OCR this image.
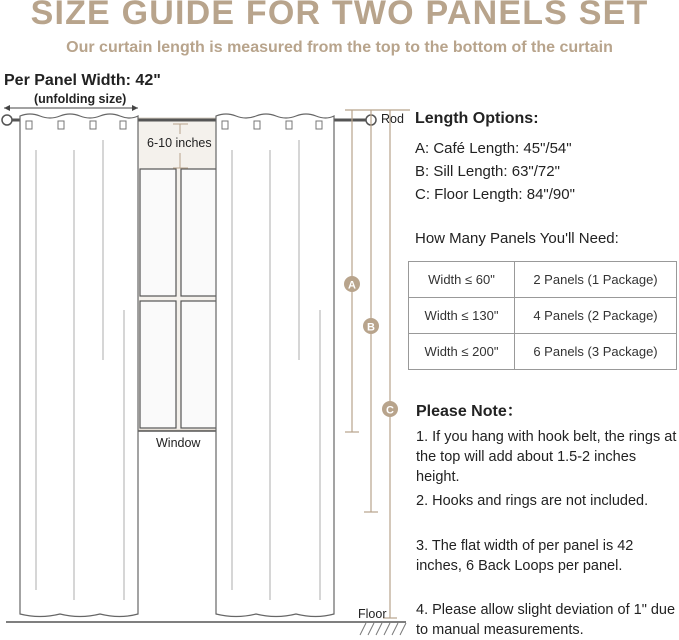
SIZE GUIDE FOR TWO PANELS SET
Our curtain length is measured from the top to the bottom of the curtain
Per Panel Width: 42"
(unfolding size)
A
B
C
6-10 inches
Window
Rod
Floor
Length Options:
A: Café Length: 45"/54"
B: Sill Length: 63"/72"
C: Floor Length: 84"/90"
How Many Panels You'll Need:
Width ≤ 60"	2 Panels (1 Package)
Width ≤ 130"	4 Panels (2 Package)
Width ≤ 200"	6 Panels (3 Package)
Please Note：
1. If you hang with hook belt, the rings at the top will add about 1.5-2 inches height.
2. Hooks and rings are not included.
3. The flat width of per panel is 42 inches, 6 Back Loops per panel.
4. Please allow slight deviation of 1" due to manual measurements.
